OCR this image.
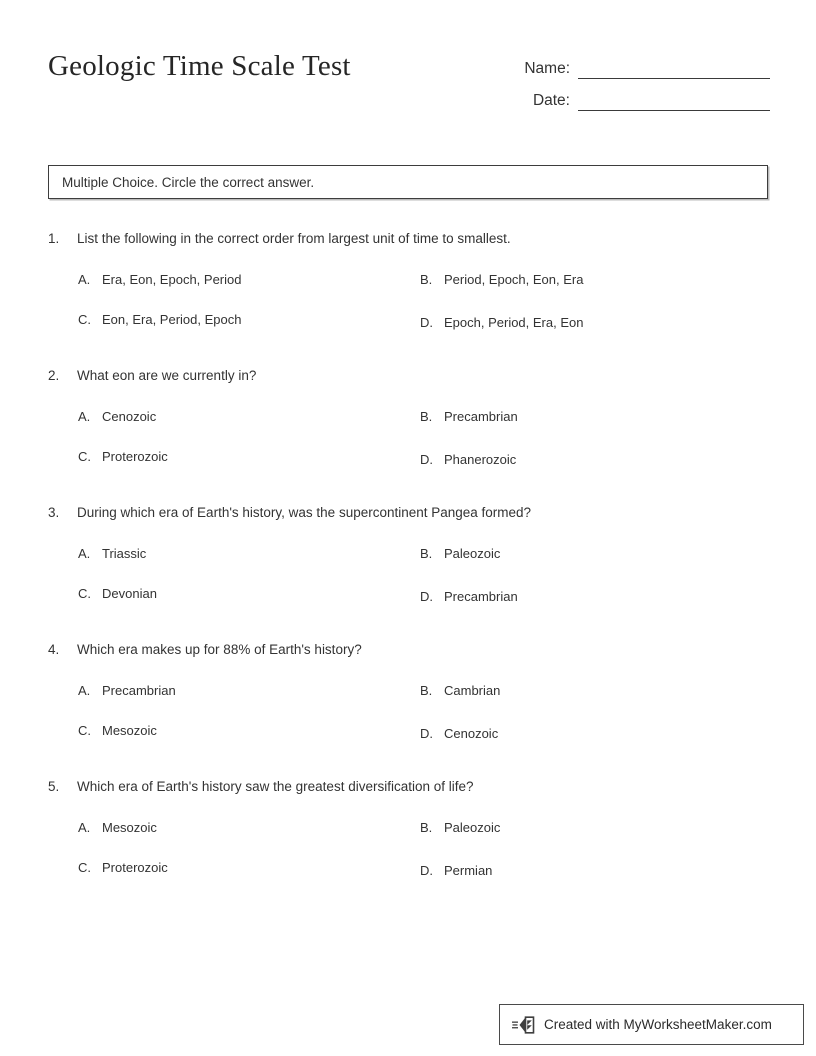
Geologic Time Scale Test	Name:
Date:
Multiple Choice. Circle the correct answer.
1.	List the following in the correct order from largest unit of time to smallest.
A. Era, Eon, Epoch, Period	B. Period, Epoch, Eon, Era
C. Eon, Era, Period, Epoch	D. Epoch, Period, Era, Eon
2.	What eon are we currently in?
A. Cenozoic	B. Precambrian
C. Proterozoic	D. Phanerozoic
3.	During which era of Earth's history, was the supercontinent Pangea formed?
A. Triassic	B. Paleozoic
C. Devonian	D. Precambrian
4.	Which era makes up for 88% of Earth's history?
A. Precambrian	B. Cambrian
C. Mesozoic	D. Cenozoic
5.	Which era of Earth's history saw the greatest diversification of life?
A. Mesozoic	B. Paleozoic
C. Proterozoic	D. Permian
Created with MyWorksheetMaker.com
